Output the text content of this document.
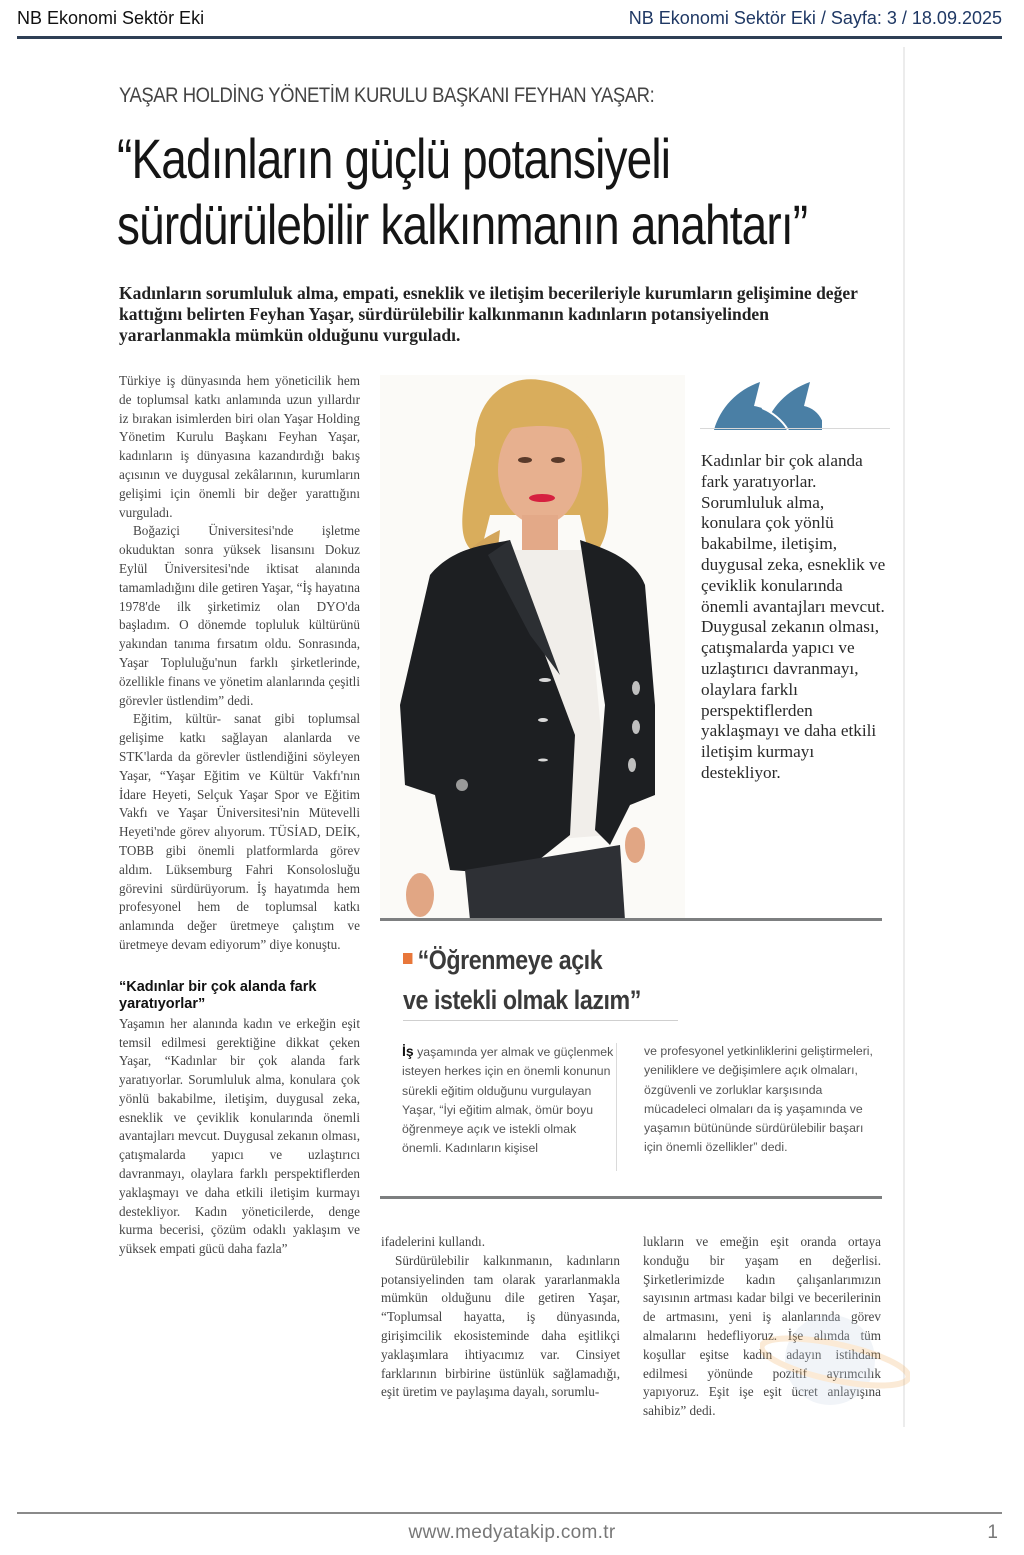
NB Ekonomi Sektör Eki	NB Ekonomi Sektör Eki / Sayfa: 3 / 18.09.2025
YAŞAR HOLDİNG YÖNETİM KURULU BAŞKANI FEYHAN YAŞAR:
“Kadınların güçlü potansiyeli
sürdürülebilir kalkınmanın anahtarı”
Kadınların sorumluluk alma, empati, esneklik ve iletişim becerileriyle kurumların gelişimine değer kattığını belirten Feyhan Yaşar, sürdürülebilir kalkınmanın kadınların potansiyelinden yararlanmakla mümkün olduğunu vurguladı.

Türkiye iş dünyasında hem yöneticilik hem de toplumsal katkı anlamında uzun yıllardır iz bırakan isimlerden biri olan Yaşar Holding Yönetim Kurulu Başkanı Feyhan Yaşar, kadınların iş dünyasına kazandırdığı bakış açısının ve duygusal zekâlarının, kurumların gelişimi için önemli bir değer yarattığını vurguladı.

Boğaziçi Üniversitesi'nde işletme okuduktan sonra yüksek lisansını Dokuz Eylül Üniversitesi'nde iktisat alanında tamamladığını dile getiren Yaşar, “İş hayatına 1978'de ilk şirketimiz olan DYO'da başladım. O dönemde topluluk kültürünü yakından tanıma fırsatım oldu. Sonrasında, Yaşar Topluluğu'nun farklı şirketlerinde, özellikle finans ve yönetim alanlarında çeşitli görevler üstlendim” dedi.

Eğitim, kültür- sanat gibi toplumsal gelişime katkı sağlayan alanlarda ve STK'larda da görevler üstlendiğini söyleyen Yaşar, “Yaşar Eğitim ve Kültür Vakfı'nın İdare Heyeti, Selçuk Yaşar Spor ve Eğitim Vakfı ve Yaşar Üniversitesi'nin Mütevelli Heyeti'nde görev alıyorum. TÜSİAD, DEİK, TOBB gibi önemli platformlarda görev aldım. Lüksemburg Fahri Konsolosluğu görevini sürdürüyorum. İş hayatımda hem profesyonel hem de toplumsal katkı anlamında değer üretmeye çalıştım ve üretmeye devam ediyorum” diye konuştu.

“Kadınlar bir çok alanda fark yaratıyorlar”

Yaşamın her alanında kadın ve erkeğin eşit temsil edilmesi gerektiğine dikkat çeken Yaşar, “Kadınlar bir çok alanda fark yaratıyorlar. Sorumluluk alma, konulara çok yönlü bakabilme, iletişim, duygusal zeka, esneklik ve çeviklik konularında önemli avantajları mevcut. Duygusal zekanın olması, çatışmalarda yapıcı ve uzlaştırıcı davranmayı, olaylara farklı perspektiflerden yaklaşmayı ve daha etkili iletişim kurmayı destekliyor. Kadın yöneticilerde, denge kurma becerisi, çözüm odaklı yaklaşım ve yüksek empati gücü daha fazla”

Kadınlar bir çok alanda fark yaratıyorlar. Sorumluluk alma, konulara çok yönlü bakabilme, iletişim, duygusal zeka, esneklik ve çeviklik konularında önemli avantajları mevcut. Duygusal zekanın olması, çatışmalarda yapıcı ve uzlaştırıcı davranmayı, olaylara farklı perspektiflerden yaklaşmayı ve daha etkili iletişim kurmayı destekliyor.
“Öğrenmeye açık
ve istekli olmak lazım”
İş yaşamında yer almak ve güçlenmek isteyen herkes için en önemli konunun sürekli eğitim olduğunu vurgulayan Yaşar, “İyi eğitim almak, ömür boyu öğrenmeye açık ve istekli olmak önemli. Kadınların kişisel
ve profesyonel yetkinliklerini geliştirmeleri, yeniliklere ve değişimlere açık olmaları, özgüvenli ve zorluklar karşısında mücadeleci olmaları da iş yaşamında ve yaşamın bütününde sürdürülebilir başarı için önemli özellikler” dedi.

ifadelerini kullandı.

Sürdürülebilir kalkınmanın, kadınların potansiyelinden tam olarak yararlanmakla mümkün olduğunu dile getiren Yaşar, “Toplumsal hayatta, iş dünyasında, girişimcilik ekosisteminde daha eşitlikçi yaklaşımlara ihtiyacımız var. Cinsiyet farklarının birbirine üstünlük sağlamadığı, eşit üretim ve paylaşıma dayalı, sorumlu-

lukların ve emeğin eşit oranda ortaya konduğu bir yaşam en değerlisi. Şirketlerimizde kadın çalışanlarımızın sayısının artması kadar bilgi ve becerilerinin de artmasını, yeni iş alanlarında görev almalarını hedefliyoruz. İşe alımda tüm koşullar eşitse kadın adayın istihdam edilmesi yönünde pozitif ayrımcılık yapıyoruz. Eşit işe eşit ücret anlayışına sahibiz” dedi.

www.medyatakip.com.tr	1
